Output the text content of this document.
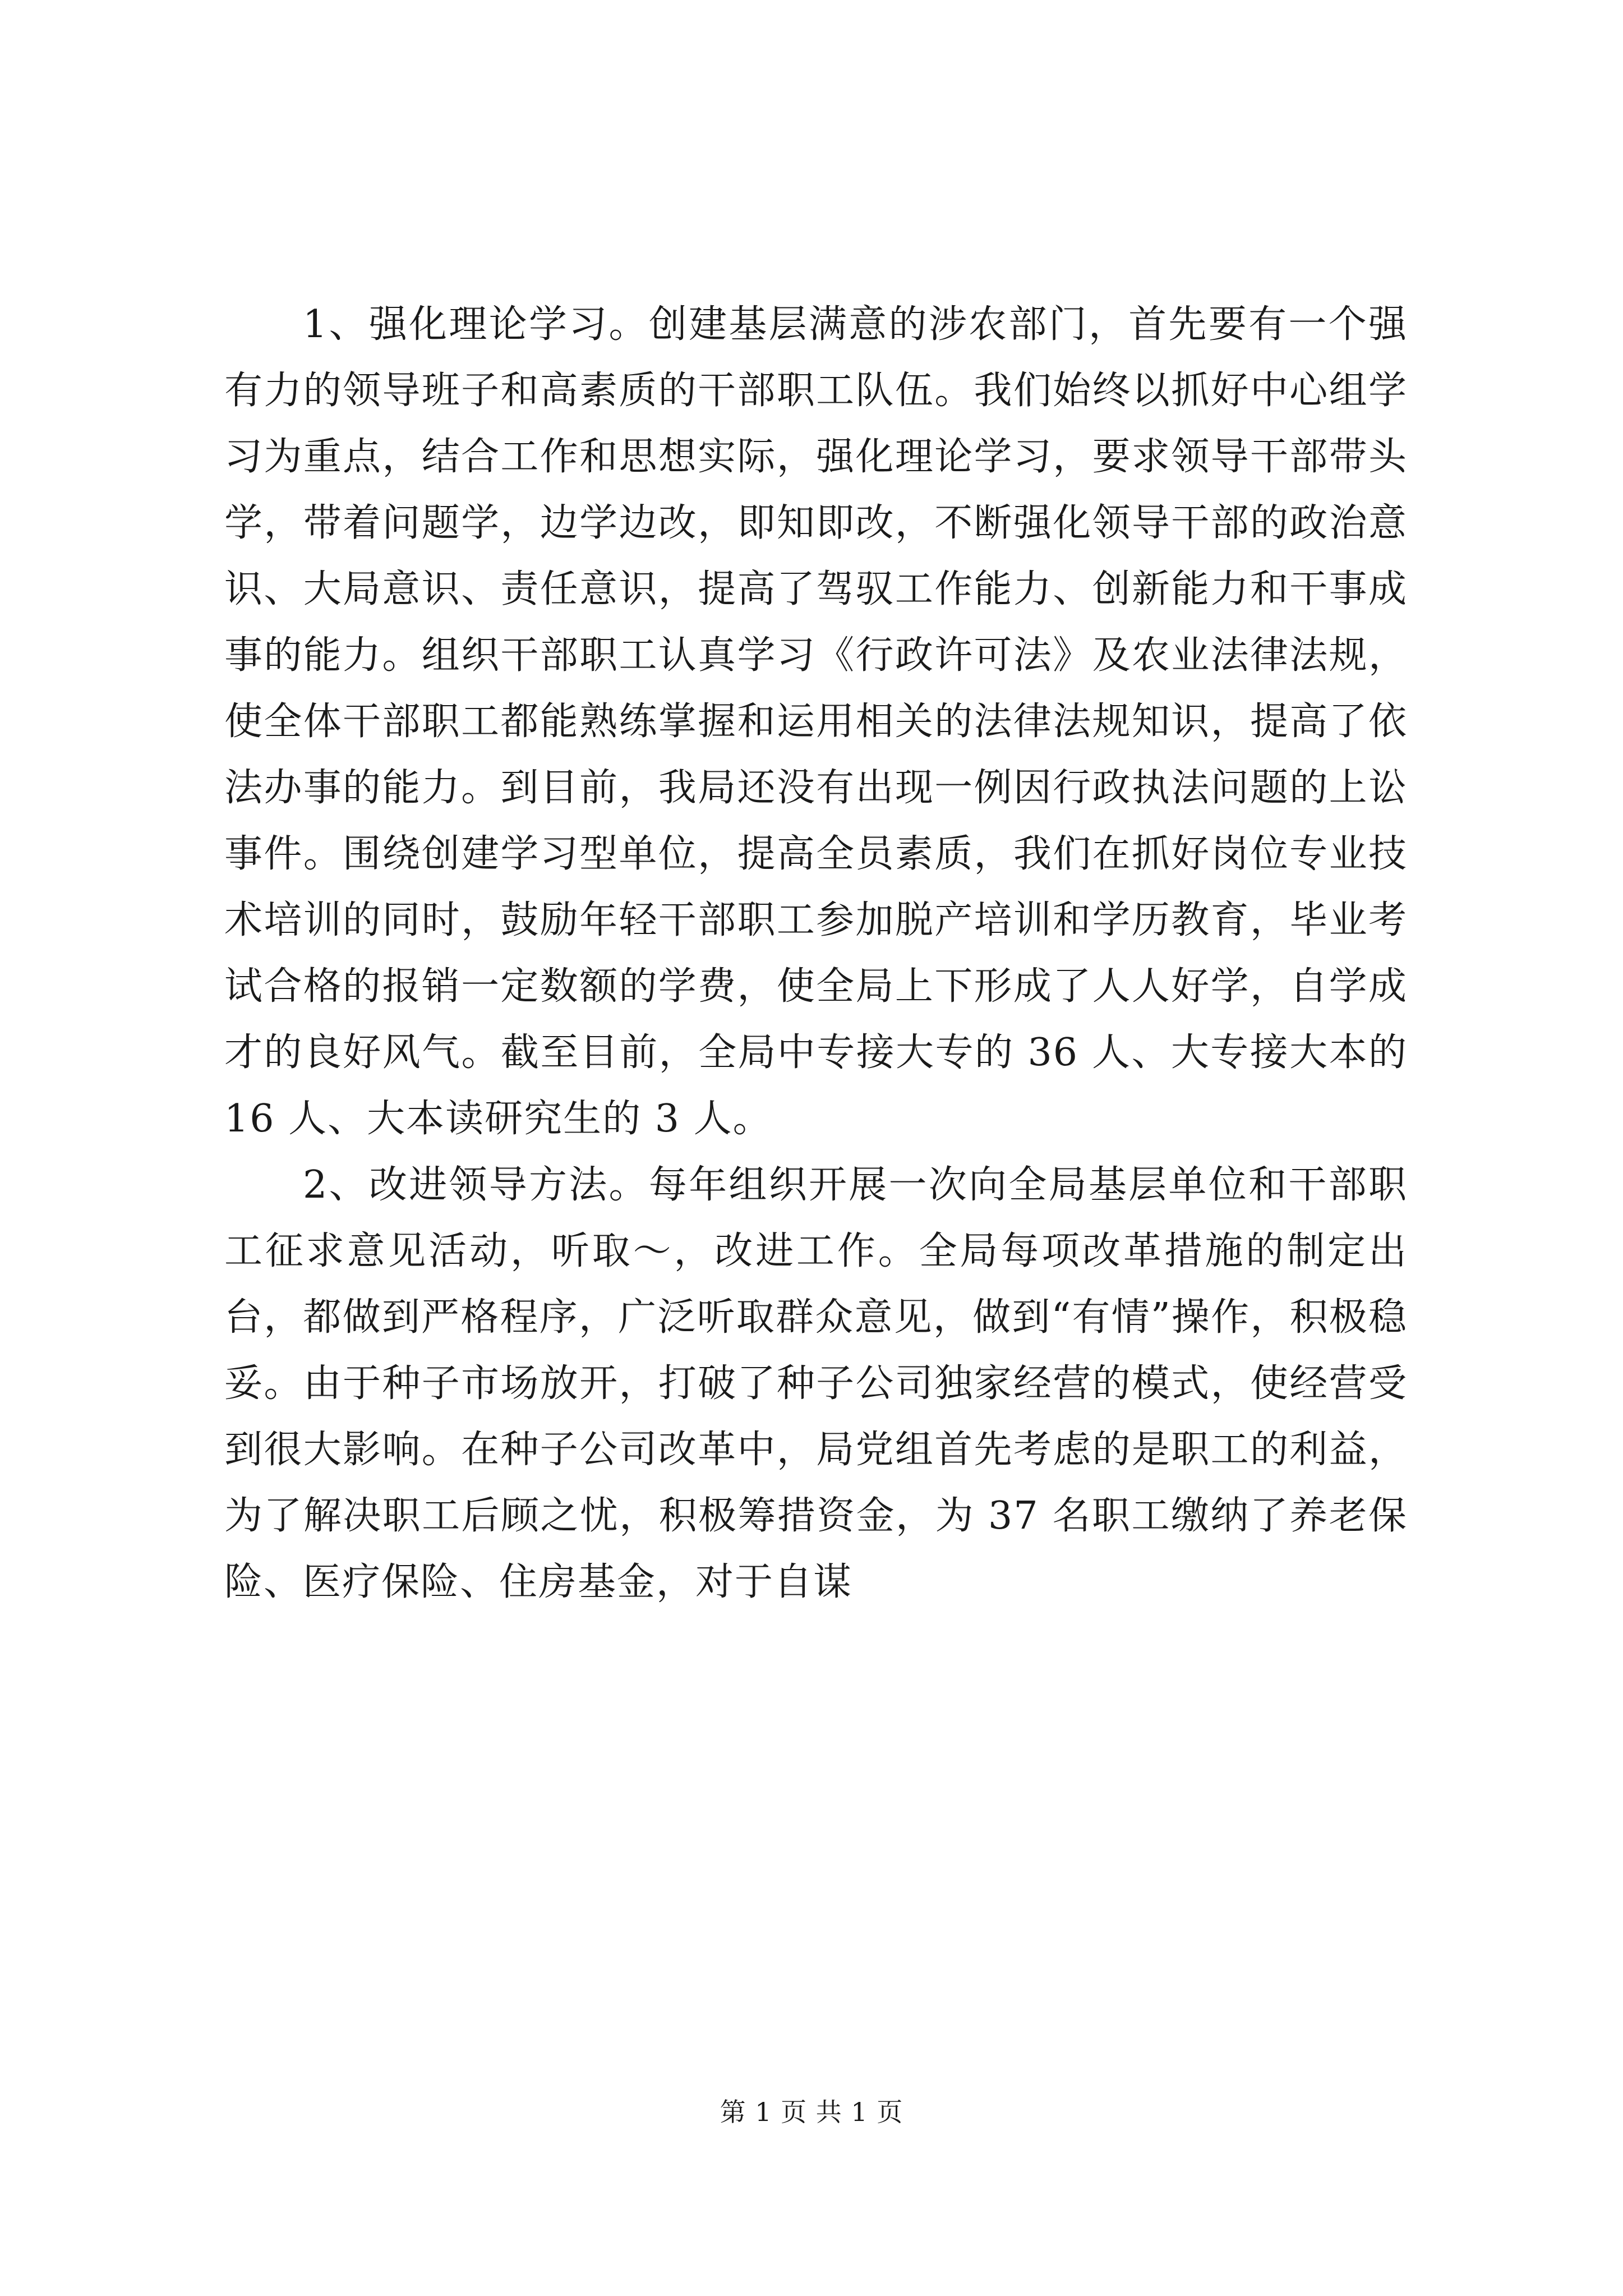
1、强化理论学习。创建基层满意的涉农部门，首先要有一个强有力的领导班子和高素质的干部职工队伍。我们始终以抓好中心组学习为重点，结合工作和思想实际，强化理论学习，要求领导干部带头学，带着问题学，边学边改，即知即改，不断强化领导干部的政治意识、大局意识、责任意识，提高了驾驭工作能力、创新能力和干事成事的能力。组织干部职工认真学习《行政许可法》及农业法律法规，使全体干部职工都能熟练掌握和运用相关的法律法规知识，提高了依法办事的能力。到目前，我局还没有出现一例因行政执法问题的上讼事件。围绕创建学习型单位，提高全员素质，我们在抓好岗位专业技术培训的同时，鼓励年轻干部职工参加脱产培训和学历教育，毕业考试合格的报销一定数额的学费，使全局上下形成了人人好学，自学成才的良好风气。截至目前，全局中专接大专的 36 人、大专接大本的 16 人、大本读研究生的 3 人。

2、改进领导方法。每年组织开展一次向全局基层单位和干部职工征求意见活动，听取～，改进工作。全局每项改革措施的制定出台，都做到严格程序，广泛听取群众意见，做到“有情”操作，积极稳妥。由于种子市场放开，打破了种子公司独家经营的模式，使经营受到很大影响。在种子公司改革中，局党组首先考虑的是职工的利益，为了解决职工后顾之忧，积极筹措资金，为 37 名职工缴纳了养老保险、医疗保险、住房基金，对于自谋

第 1 页 共 1 页
